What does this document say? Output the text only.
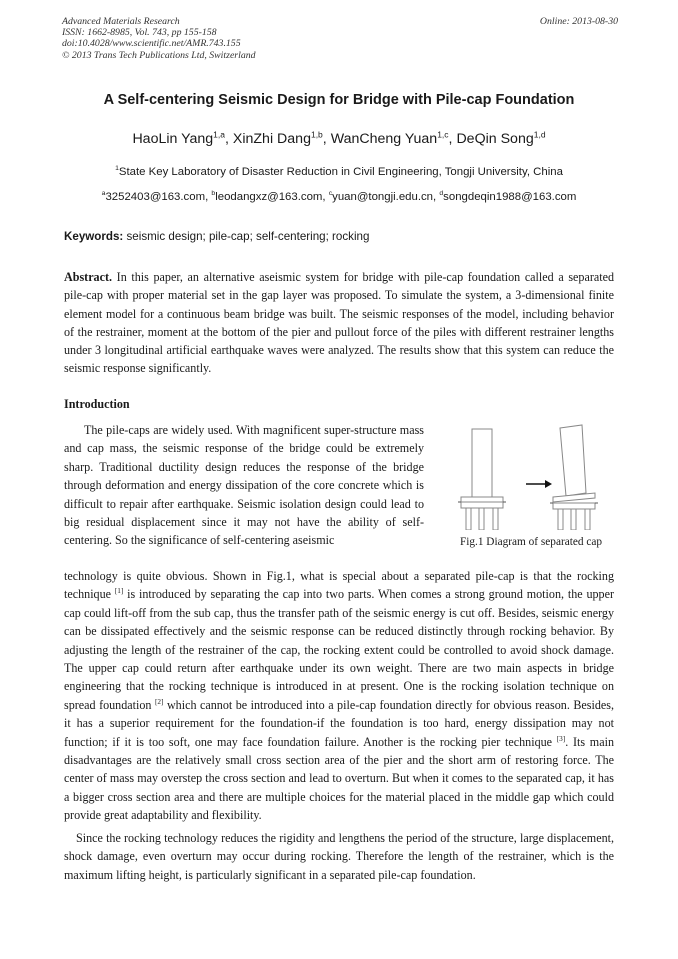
Advanced Materials Research
ISSN: 1662-8985, Vol. 743, pp 155-158
doi:10.4028/www.scientific.net/AMR.743.155
© 2013 Trans Tech Publications Ltd, Switzerland
Online: 2013-08-30
A Self-centering Seismic Design for Bridge with Pile-cap Foundation
HaoLin Yang$^{1,a}$, XinZhi Dang$^{1,b}$, WanCheng Yuan$^{1,c}$, DeQin Song$^{1,d}$
$^1$State Key Laboratory of Disaster Reduction in Civil Engineering, Tongji University, China
$^a$3252403@163.com, $^b$leodangxz@163.com, $^c$yuan@tongji.edu.cn, $^d$songdeqin1988@163.com
Keywords: seismic design; pile-cap; self-centering; rocking
Abstract. In this paper, an alternative aseismic system for bridge with pile-cap foundation called a separated pile-cap with proper material set in the gap layer was proposed. To simulate the system, a 3-dimensional finite element model for a continuous beam bridge was built. The seismic responses of the model, including behavior of the restrainer, moment at the bottom of the pier and pullout force of the piles with different restrainer lengths under 3 longitudinal artificial earthquake waves were analyzed. The results show that this system can reduce the seismic response significantly.
Introduction
The pile-caps are widely used. With magnificent super-structure mass and cap mass, the seismic response of the bridge could be extremely sharp. Traditional ductility design reduces the response of the bridge through deformation and energy dissipation of the core concrete which is difficult to repair after earthquake. Seismic isolation design could lead to big residual displacement since it may not have the ability of self-centering. So the significance of self-centering aseismic	Fig.1 Diagram of separated cap
technology is quite obvious. Shown in Fig.1, what is special about a separated pile-cap is that the rocking technique [1] is introduced by separating the cap into two parts. When comes a strong ground motion, the upper cap could lift-off from the sub cap, thus the transfer path of the seismic energy is cut off. Besides, seismic energy can be dissipated effectively and the seismic response can be reduced distinctly through rocking behavior. By adjusting the length of the restrainer of the cap, the rocking extent could be controlled to avoid shock damage. The upper cap could return after earthquake under its own weight. There are two main aspects in bridge engineering that the rocking technique is introduced in at present. One is the rocking isolation technique on spread foundation [2] which cannot be introduced into a pile-cap foundation directly for obvious reason. Besides, it has a superior requirement for the foundation-if the foundation is too hard, energy dissipation may not function; if it is too soft, one may face foundation failure. Another is the rocking pier technique [3]. Its main disadvantages are the relatively small cross section area of the pier and the short arm of restoring force. The center of mass may overstep the cross section and lead to overturn. But when it comes to the separated cap, it has a bigger cross section area and there are multiple choices for the material placed in the middle gap which could provide great adaptability and flexibility.
Since the rocking technology reduces the rigidity and lengthens the period of the structure, large displacement, shock damage, even overturn may occur during rocking. Therefore the length of the restrainer, which is the maximum lifting height, is particularly significant in a separated pile-cap foundation.
